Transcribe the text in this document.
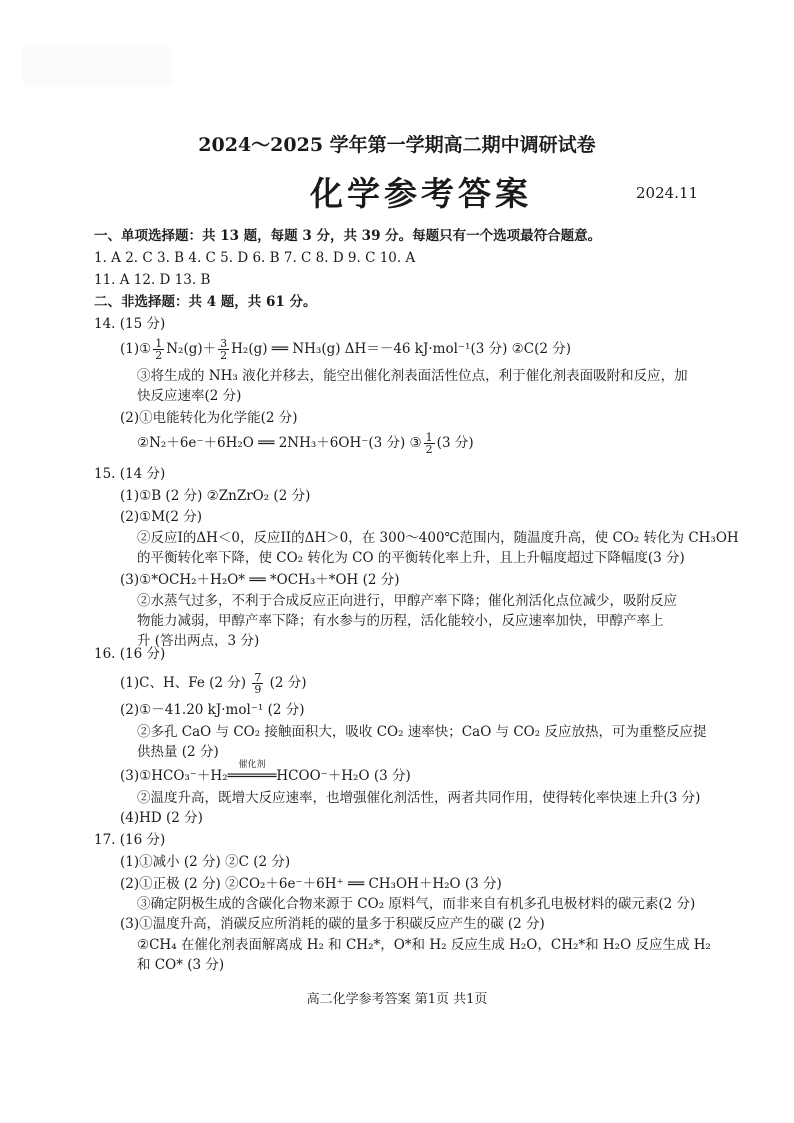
2024～2025 学年第一学期高二期中调研试卷
化学参考答案	2024.11
一、单项选择题：共 13 题，每题 3 分，共 39 分。每题只有一个选项最符合题意。
1. A 2. C 3. B 4. C 5. D 6. B 7. C 8. D 9. C 10. A
11. A 12. D 13. B
二、非选择题：共 4 题，共 61 分。
14. (15 分)
(1)① $\frac{1}{2} N_2(g)+ \frac{3}{2} H_2(g)$ ══ NH₃(g) ΔH＝－46 kJ·mol⁻¹(3 分) ②C(2 分)
③将生成的 NH₃ 液化并移去，能空出催化剂表面活性位点，利于催化剂表面吸附和反应，加
快反应速率(2 分)
(2)①电能转化为化学能(2 分)
②N₂＋6e⁻＋6H₂O ══ 2NH₃＋6OH⁻(3 分) ③ $\frac{1}{2} (3$ 分)
15. (14 分)
(1)①B (2 分) ②ZnZrO₂ (2 分)
(2)①M(2 分)
②反应I的ΔH＜0，反应II的ΔH＞0，在 300～400℃范围内，随温度升高，使 CO₂ 转化为 CH₃OH
的平衡转化率下降，使 CO₂ 转化为 CO 的平衡转化率上升，且上升幅度超过下降幅度(3 分)
(3)①*OCH₂＋H₂O* ══ *OCH₃＋*OH (2 分)
②水蒸气过多，不利于合成反应正向进行，甲醇产率下降；催化剂活化点位减少，吸附反应
物能力减弱，甲醇产率下降；有水参与的历程，活化能较小，反应速率加快，甲醇产率上
升 (答出两点，3 分)
16. (16 分)
(1)C、H、Fe (2 分) $\frac{7}{9} (2$ 分)
(2)①－41.20 kJ·mol⁻¹ (2 分)
②多孔 CaO 与 CO₂ 接触面积大，吸收 CO₂ 速率快；CaO 与 CO₂ 反应放热，可为重整反应提
供热量 (2 分)
(3)①HCO₃⁻＋H₂
催化剂
══════HCOO⁻＋H₂O (3 分)
②温度升高，既增大反应速率，也增强催化剂活性，两者共同作用，使得转化率快速上升(3 分)
(4)HD (2 分)
17. (16 分)
(1)①减小 (2 分) ②C (2 分)
(2)①正极 (2 分) ②CO₂＋6e⁻＋6H⁺ ══ CH₃OH＋H₂O (3 分)
③确定阴极生成的含碳化合物来源于 CO₂ 原料气，而非来自有机多孔电极材料的碳元素(2 分)
(3)①温度升高，消碳反应所消耗的碳的量多于积碳反应产生的碳 (2 分)
②CH₄ 在催化剂表面解离成 H₂ 和 CH₂*，O*和 H₂ 反应生成 H₂O，CH₂*和 H₂O 反应生成 H₂
和 CO* (3 分)
高二化学参考答案 第1页 共1页
